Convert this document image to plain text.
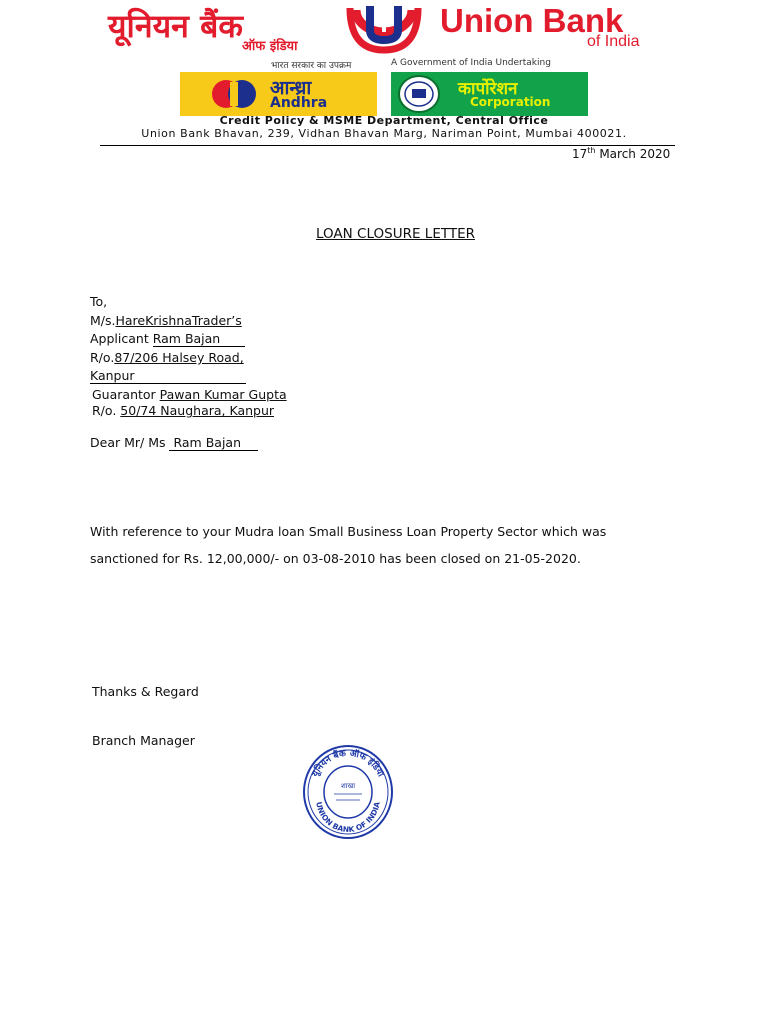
यूनियन बैंक
ऑफ इंडिया
Union Bank
of India
भारत सरकार का उपक्रम	A Government of India Undertaking
आन्ध्रा
Andhra
कार्पोरेशन
Corporation
Credit Policy & MSME Department, Central Office
Union Bank Bhavan, 239, Vidhan Bhavan Marg, Nariman Point, Mumbai 400021.
17th March 2020
LOAN CLOSURE LETTER
To,
M/s.HareKrishnaTrader’s
Applicant Ram Bajan
R/o.87/206 Halsey Road,
Kanpur
Guarantor Pawan Kumar Gupta
R/o. 50/74 Naughara, Kanpur
Dear Mr/ Ms Ram Bajan
With reference to your Mudra loan Small Business Loan Property Sector which was
sanctioned for Rs. 12,00,000/- on 03-08-2010 has been closed on 21-05-2020.
Thanks & Regard
Branch Manager
यूनियन बैंक ऑफ इंडिया
UNION BANK OF INDIA
शाखा
